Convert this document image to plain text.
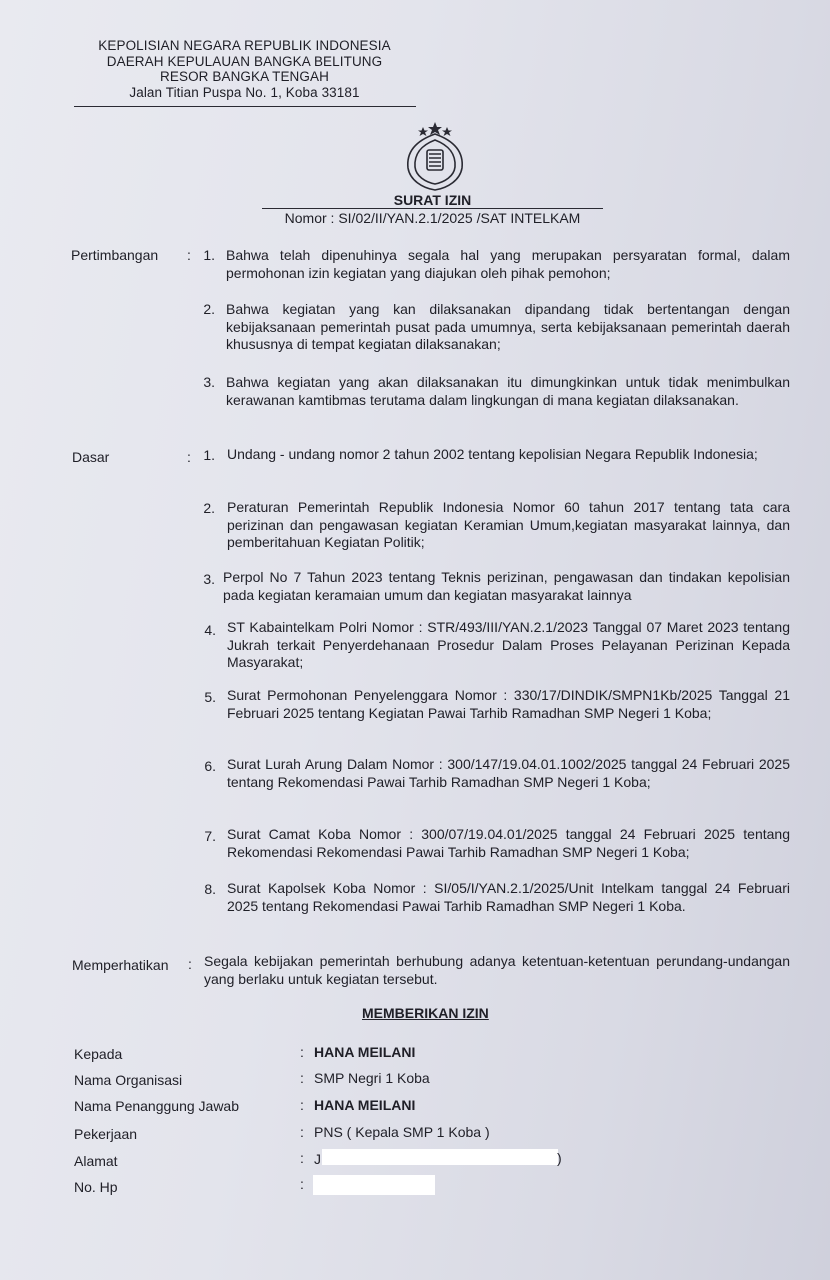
KEPOLISIAN NEGARA REPUBLIK INDONESIA
DAERAH KEPULAUAN BANGKA BELITUNG
RESOR BANGKA TENGAH
Jalan Titian Puspa No. 1, Koba 33181
SURAT IZIN
Nomor : SI/02/II/YAN.2.1/2025 /SAT INTELKAM
Pertimbangan : 1. Bahwa telah dipenuhinya segala hal yang merupakan persyaratan formal, dalam permohonan izin kegiatan yang diajukan oleh pihak pemohon;
2. Bahwa kegiatan yang kan dilaksanakan dipandang tidak bertentangan dengan kebijaksanaan pemerintah pusat pada umumnya, serta kebijaksanaan pemerintah daerah khususnya di tempat kegiatan dilaksanakan;
3. Bahwa kegiatan yang akan dilaksanakan itu dimungkinkan untuk tidak menimbulkan kerawanan kamtibmas terutama dalam lingkungan di mana kegiatan dilaksanakan.
Dasar	: 1. Undang - undang nomor 2 tahun 2002 tentang kepolisian Negara Republik Indonesia;
2. Peraturan Pemerintah Republik Indonesia Nomor 60 tahun 2017 tentang tata cara perizinan dan pengawasan kegiatan Keramian Umum,kegiatan masyarakat lainnya, dan pemberitahuan Kegiatan Politik;
3. Perpol No 7 Tahun 2023 tentang Teknis perizinan, pengawasan dan tindakan kepolisian pada kegiatan keramaian umum dan kegiatan masyarakat lainnya
4. ST Kabaintelkam Polri Nomor : STR/493/III/YAN.2.1/2023 Tanggal 07 Maret 2023 tentang Jukrah terkait Penyerdehanaan Prosedur Dalam Proses Pelayanan Perizinan Kepada Masyarakat;
5. Surat Permohonan Penyelenggara Nomor : 330/17/DINDIK/SMPN1Kb/2025 Tanggal 21 Februari 2025 tentang Kegiatan Pawai Tarhib Ramadhan SMP Negeri 1 Koba;
6. Surat Lurah Arung Dalam Nomor : 300/147/19.04.01.1002/2025 tanggal 24 Februari 2025 tentang Rekomendasi Pawai Tarhib Ramadhan SMP Negeri 1 Koba;
7. Surat Camat Koba Nomor : 300/07/19.04.01/2025 tanggal 24 Februari 2025 tentang Rekomendasi Rekomendasi Pawai Tarhib Ramadhan SMP Negeri 1 Koba;
8. Surat Kapolsek Koba Nomor : SI/05/I/YAN.2.1/2025/Unit Intelkam tanggal 24 Februari 2025 tentang Rekomendasi Pawai Tarhib Ramadhan SMP Negeri 1 Koba.
Memperhatikan : Segala kebijakan pemerintah berhubung adanya ketentuan-ketentuan perundang-undangan yang berlaku untuk kegiatan tersebut.
MEMBERIKAN IZIN
Kepada	: HANA MEILANI
Nama Organisasi	: SMP Negri 1 Koba
Nama Penanggung Jawab	: HANA MEILANI
Pekerjaan	: PNS ( Kepala SMP 1 Koba )
Alamat	: J	)
No. Hp	:
